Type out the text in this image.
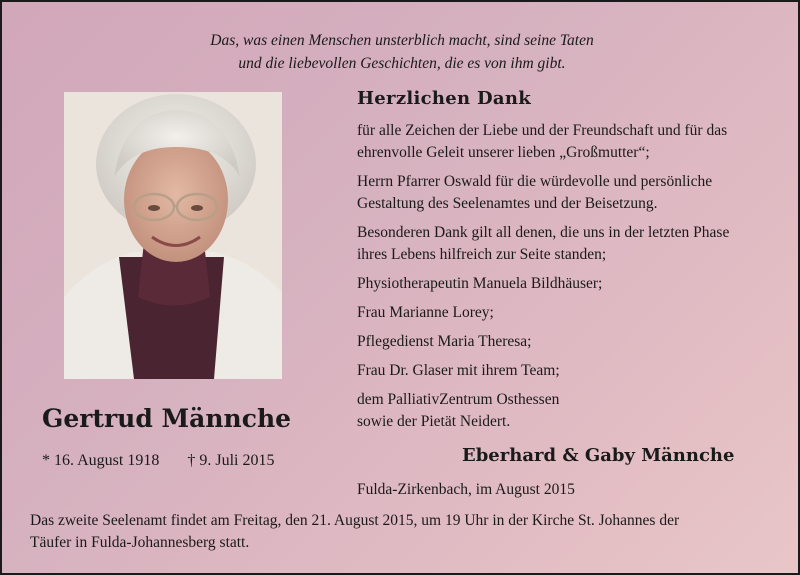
Das, was einen Menschen unsterblich macht, sind seine Taten
und die liebevollen Geschichten, die es von ihm gibt.
Herzlichen Dank
für alle Zeichen der Liebe und der Freundschaft und für das
ehrenvolle Geleit unserer lieben „Großmutter“;
Herrn Pfarrer Oswald für die würdevolle und persönliche
Gestaltung des Seelenamtes und der Beisetzung.
Besonderen Dank gilt all denen, die uns in der letzten Phase
ihres Lebens hilfreich zur Seite standen;
Physiotherapeutin Manuela Bildhäuser;
Frau Marianne Lorey;
Pflegedienst Maria Theresa;
Frau Dr. Glaser mit ihrem Team;
dem PalliativZentrum Osthessen
sowie der Pietät Neidert.
Gertrud Männche
* 16. August 1918 † 9. Juli 2015	Eberhard & Gaby Männche
Fulda-Zirkenbach, im August 2015
Das zweite Seelenamt findet am Freitag, den 21. August 2015, um 19 Uhr in der Kirche St. Johannes der
Täufer in Fulda-Johannesberg statt.
